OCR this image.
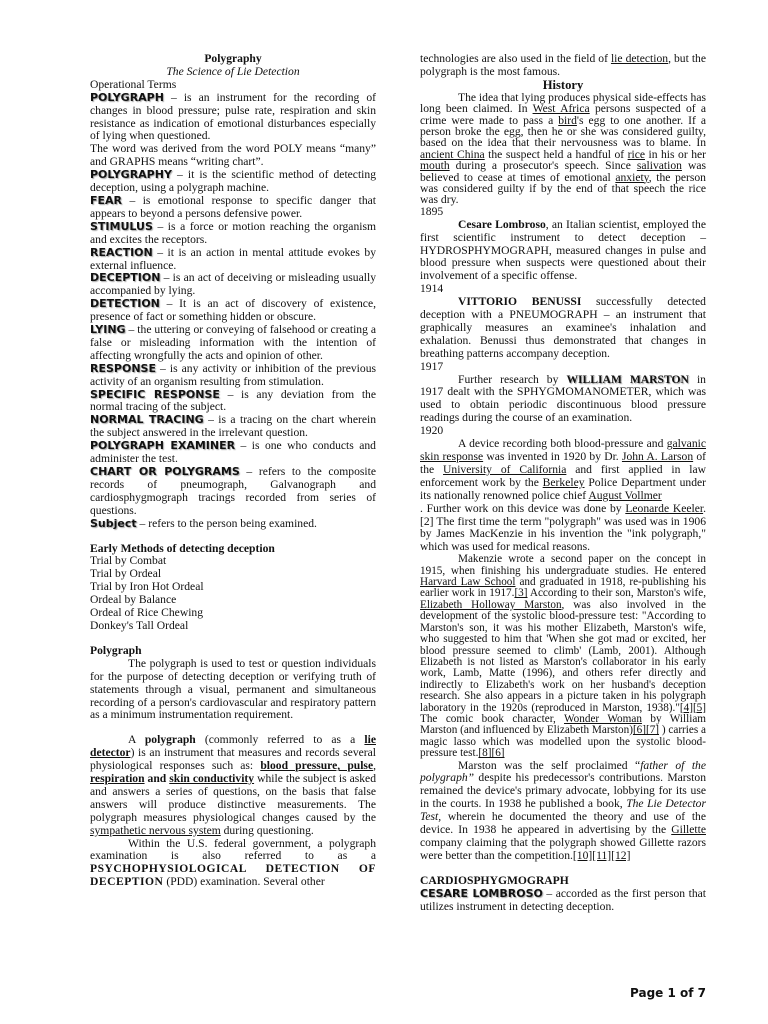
Polygraphy
The Science of Lie Detection
Operational Terms

POLYGRAPH – is an instrument for the recording of changes in blood pressure; pulse rate, respiration and skin resistance as indication of emotional disturbances especially of lying when questioned.

The word was derived from the word POLY means “many” and GRAPHS means “writing chart”.

POLYGRAPHY – it is the scientific method of detecting deception, using a polygraph machine.

FEAR – is emotional response to specific danger that appears to beyond a persons defensive power.

STIMULUS – is a force or motion reaching the organism and excites the receptors.

REACTION – it is an action in mental attitude evokes by external influence.

DECEPTION – is an act of deceiving or misleading usually accompanied by lying.

DETECTION – It is an act of discovery of existence, presence of fact or something hidden or obscure.

LYING – the uttering or conveying of falsehood or creating a false or misleading information with the intention of affecting wrongfully the acts and opinion of other.

RESPONSE – is any activity or inhibition of the previous activity of an organism resulting from stimulation.

SPECIFIC RESPONSE – is any deviation from the normal tracing of the subject.

NORMAL TRACING – is a tracing on the chart wherein the subject answered in the irrelevant question.

POLYGRAPH EXAMINER – is one who conducts and administer the test.

CHART OR POLYGRAMS – refers to the composite records of pneumograph, Galvanograph and cardiosphygmograph tracings recorded from series of questions.

Subject – refers to the person being examined.

Early Methods of detecting deception
Trial by Combat
Trial by Ordeal
Trial by Iron Hot Ordeal
Ordeal by Balance
Ordeal of Rice Chewing
Donkey's Tall Ordeal
Polygraph

The polygraph is used to test or question individuals for the purpose of detecting deception or verifying truth of statements through a visual, permanent and simultaneous recording of a person's cardiovascular and respiratory pattern as a minimum instrumentation requirement.

A polygraph (commonly referred to as a lie detector) is an instrument that measures and records several physiological responses such as: blood pressure, pulse, respiration and skin conductivity while the subject is asked and answers a series of questions, on the basis that false answers will produce distinctive measurements. The polygraph measures physiological changes caused by the sympathetic nervous system during questioning.

Within the U.S. federal government, a polygraph examination is also referred to as a PSYCHOPHYSIOLOGICAL DETECTION OF DECEPTION (PDD) examination. Several other

technologies are also used in the field of lie detection, but the polygraph is the most famous.

History

The idea that lying produces physical side-effects has long been claimed. In West Africa persons suspected of a crime were made to pass a bird's egg to one another. If a person broke the egg, then he or she was considered guilty, based on the idea that their nervousness was to blame. In ancient China the suspect held a handful of rice in his or her mouth during a prosecutor's speech. Since salivation was believed to cease at times of emotional anxiety, the person was considered guilty if by the end of that speech the rice was dry.

1895

Cesare Lombroso, an Italian scientist, employed the first scientific instrument to detect deception – HYDROSPHYMOGRAPH, measured changes in pulse and blood pressure when suspects were questioned about their involvement of a specific offense.

1914

VITTORIO BENUSSI successfully detected deception with a PNEUMOGRAPH – an instrument that graphically measures an examinee's inhalation and exhalation. Benussi thus demonstrated that changes in breathing patterns accompany deception.

1917

Further research by WILLIAM MARSTON in 1917 dealt with the SPHYGMOMANOMETER, which was used to obtain periodic discontinuous blood pressure readings during the course of an examination.

1920

A device recording both blood-pressure and galvanic skin response was invented in 1920 by Dr. John A. Larson of the University of California and first applied in law enforcement work by the Berkeley Police Department under its nationally renowned police chief August Vollmer

. Further work on this device was done by Leonarde Keeler.[2] The first time the term "polygraph" was used was in 1906 by James MacKenzie in his invention the "ink polygraph," which was used for medical reasons.

Makenzie wrote a second paper on the concept in 1915, when finishing his undergraduate studies. He entered Harvard Law School and graduated in 1918, re-publishing his earlier work in 1917.[3] According to their son, Marston's wife, Elizabeth Holloway Marston, was also involved in the development of the systolic blood-pressure test: "According to Marston's son, it was his mother Elizabeth, Marston's wife, who suggested to him that 'When she got mad or excited, her blood pressure seemed to climb' (Lamb, 2001). Although Elizabeth is not listed as Marston's collaborator in his early work, Lamb, Matte (1996), and others refer directly and indirectly to Elizabeth's work on her husband's deception research. She also appears in a picture taken in his polygraph laboratory in the 1920s (reproduced in Marston, 1938)."[4][5] The comic book character, Wonder Woman by William Marston (and influenced by Elizabeth Marston)[6][7] ) carries a magic lasso which was modelled upon the systolic blood-pressure test.[8][6]

Marston was the self proclaimed “father of the polygraph” despite his predecessor's contributions. Marston remained the device's primary advocate, lobbying for its use in the courts. In 1938 he published a book, The Lie Detector Test, wherein he documented the theory and use of the device. In 1938 he appeared in advertising by the Gillette company claiming that the polygraph showed Gillette razors were better than the competition.[10][11][12]

CARDIOSPHYGMOGRAPH

CESARE LOMBROSO – accorded as the first person that utilizes instrument in detecting deception.

Page 1 of 7
